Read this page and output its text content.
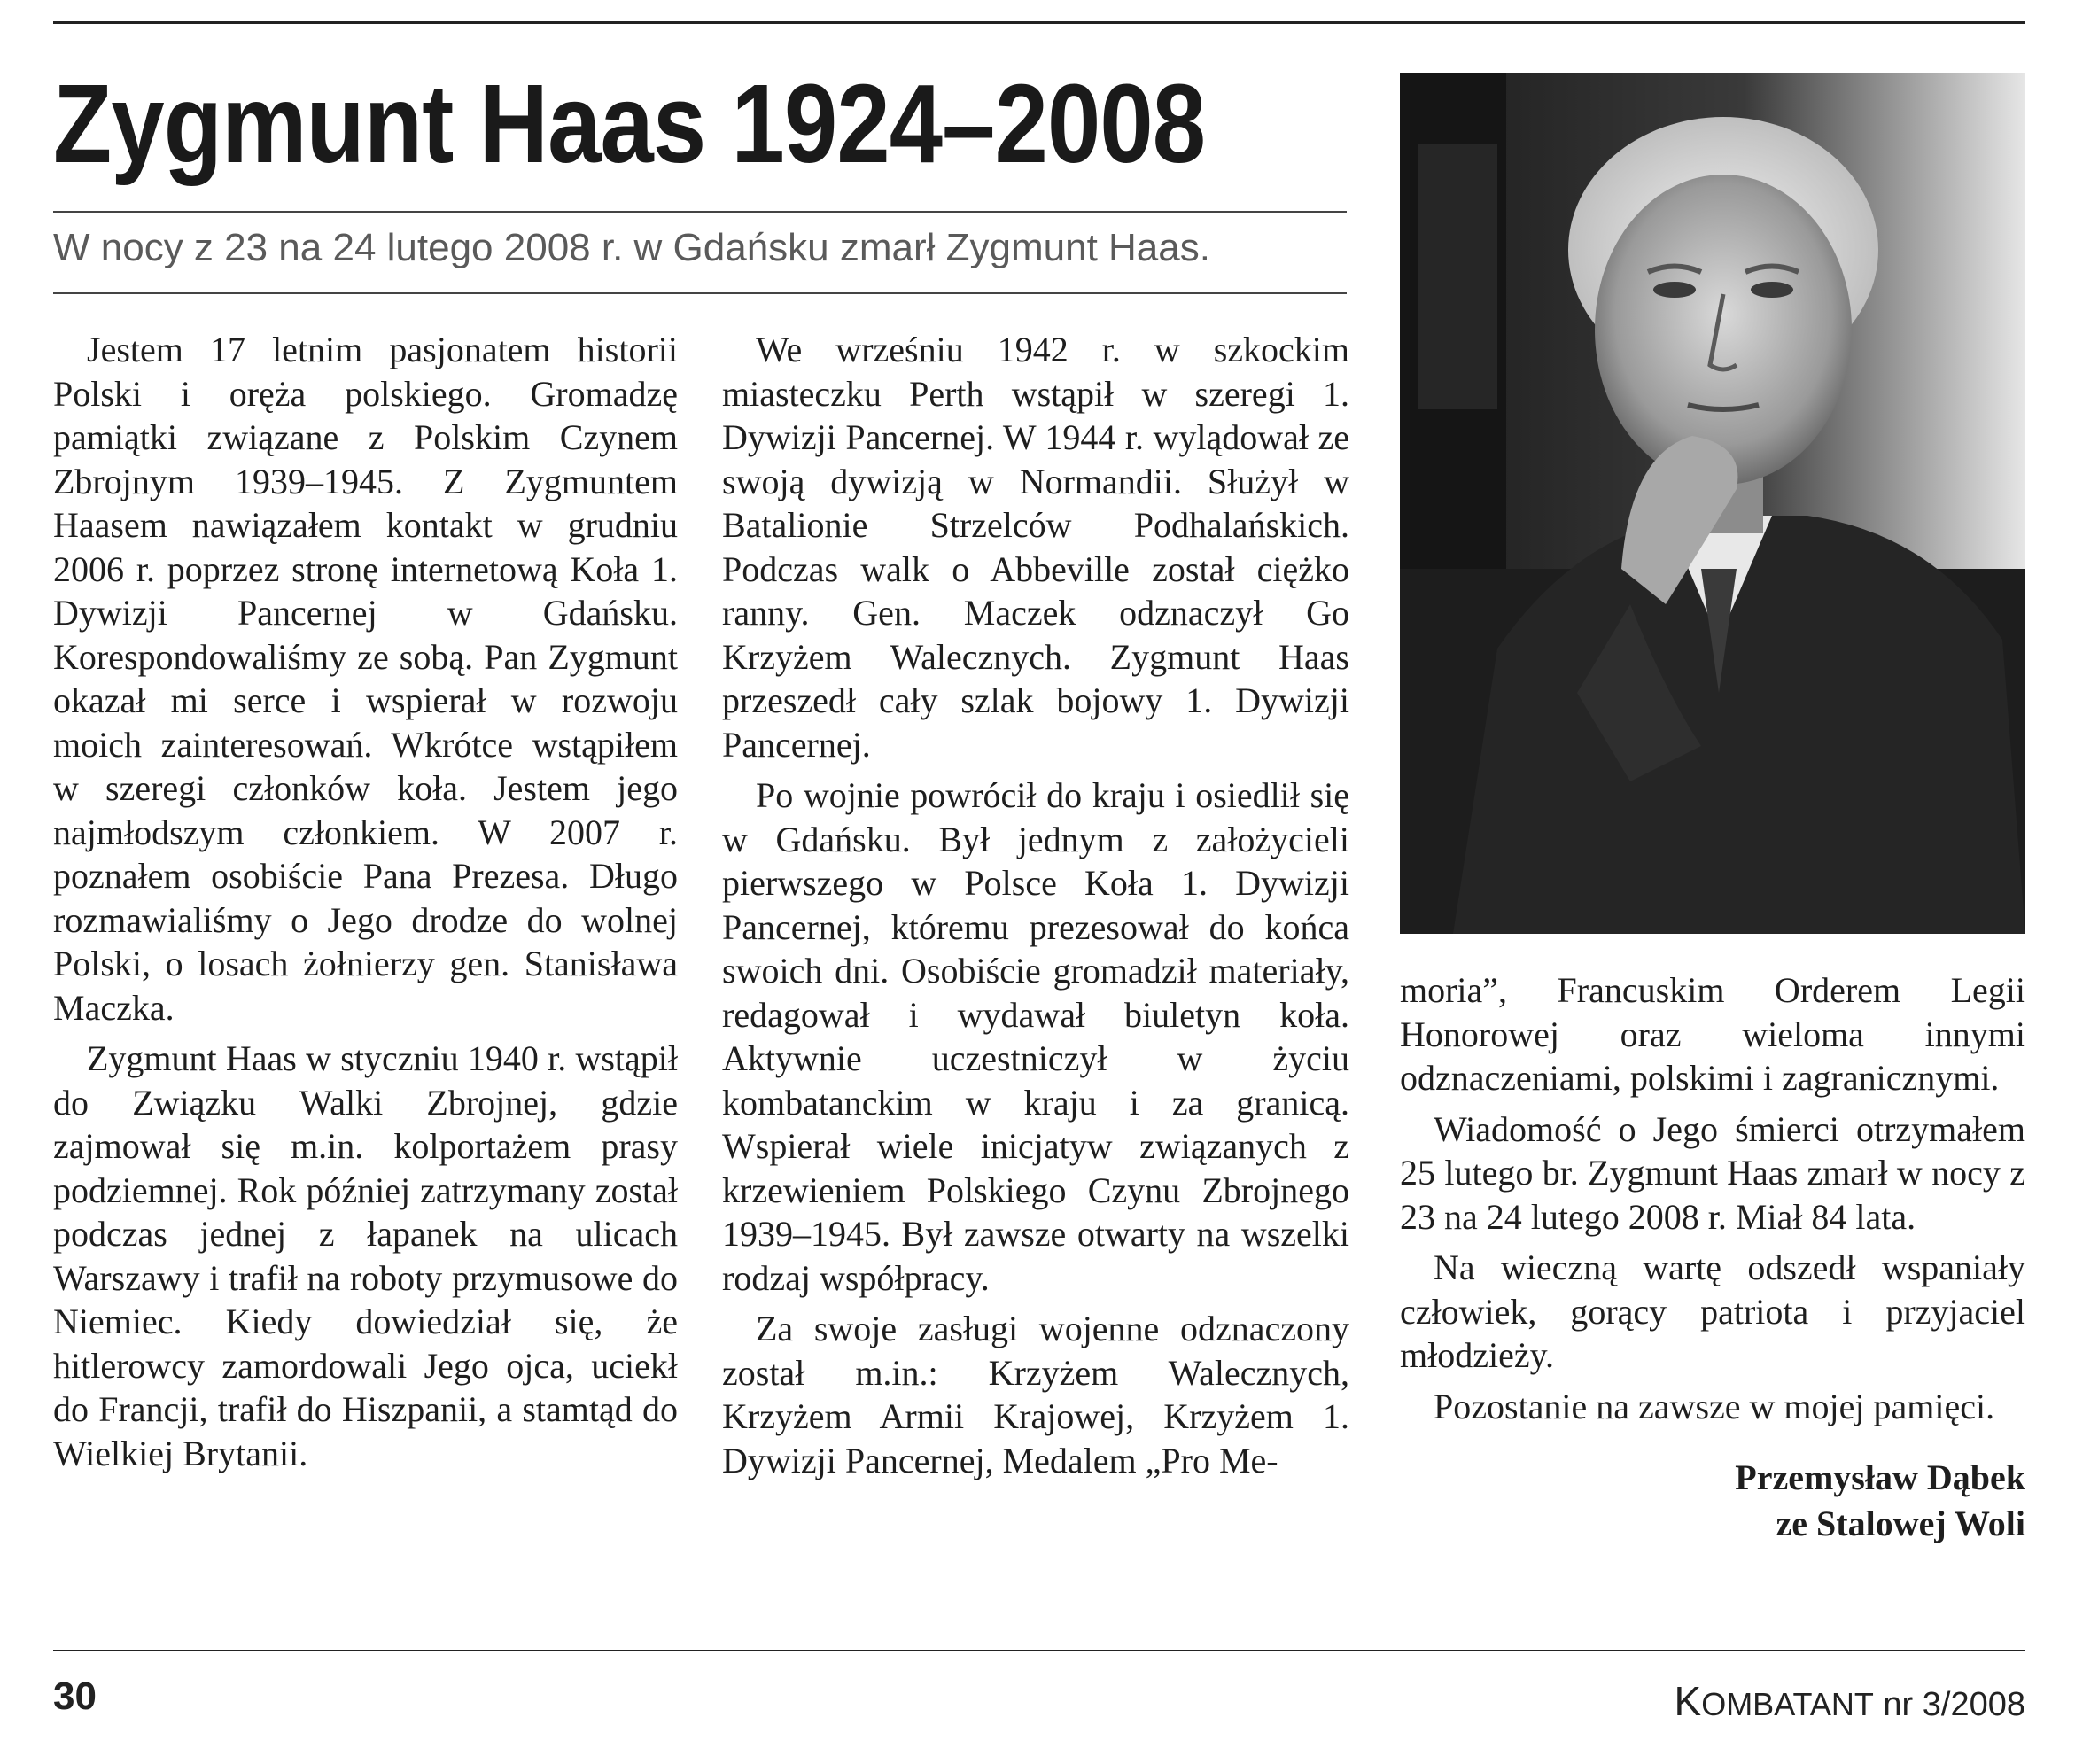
Zygmunt Haas 1924–2008
W nocy z 23 na 24 lutego 2008 r. w Gdańsku zmarł Zygmunt Haas.

Jestem 17 letnim pasjonatem historii Polski i oręża polskiego. Gromadzę pamiątki związane z Polskim Czynem Zbrojnym 1939–1945. Z Zygmuntem Haasem nawiązałem kontakt w grudniu 2006 r. poprzez stronę internetową Koła 1. Dywizji Pancernej w Gdańsku. Korespondowaliśmy ze sobą. Pan Zygmunt okazał mi serce i wspierał w rozwoju moich zainteresowań. Wkrótce wstąpiłem w szeregi członków koła. Jestem jego najmłodszym członkiem. W 2007 r. poznałem osobiście Pana Prezesa. Długo rozmawialiśmy o Jego drodze do wolnej Polski, o losach żołnierzy gen. Stanisława Maczka.

Zygmunt Haas w styczniu 1940 r. wstąpił do Związku Walki Zbrojnej, gdzie zajmował się m.in. kolportażem prasy podziemnej. Rok później zatrzymany został podczas jednej z łapanek na ulicach Warszawy i trafił na roboty przymusowe do Niemiec. Kiedy dowiedział się, że hitlerowcy zamordowali Jego ojca, uciekł do Francji, trafił do Hiszpanii, a stamtąd do Wielkiej Brytanii.

We wrześniu 1942 r. w szkockim miasteczku Perth wstąpił w szeregi 1. Dywizji Pancernej. W 1944 r. wylądował ze swoją dywizją w Normandii. Służył w Batalionie Strzelców Podhalańskich. Podczas walk o Abbeville został ciężko ranny. Gen. Maczek odznaczył Go Krzyżem Walecznych. Zygmunt Haas przeszedł cały szlak bojowy 1. Dywizji Pancernej.

Po wojnie powrócił do kraju i osiedlił się w Gdańsku. Był jednym z założycieli pierwszego w Polsce Koła 1. Dywizji Pancernej, któremu prezesował do końca swoich dni. Osobiście gromadził materiały, redagował i wydawał biuletyn koła. Aktywnie uczestniczył w życiu kombatanckim w kraju i za granicą. Wspierał wiele inicjatyw związanych z krzewieniem Polskiego Czynu Zbrojnego 1939–1945. Był zawsze otwarty na wszelki rodzaj współpracy.

Za swoje zasługi wojenne odznaczony został m.in.: Krzyżem Walecznych, Krzyżem Armii Krajowej, Krzyżem 1. Dywizji Pancernej, Medalem „Pro Me-

moria”, Francuskim Orderem Legii Honorowej oraz wieloma innymi odznaczeniami, polskimi i zagranicznymi.

Wiadomość o Jego śmierci otrzymałem 25 lutego br. Zygmunt Haas zmarł w nocy z 23 na 24 lutego 2008 r. Miał 84 lata.

Na wieczną wartę odszedł wspaniały człowiek, gorący patriota i przyjaciel młodzieży.

Pozostanie na zawsze w mojej pamięci.

Przemysław Dąbek
ze Stalowej Woli
30	KOMBATANT nr 3/2008
